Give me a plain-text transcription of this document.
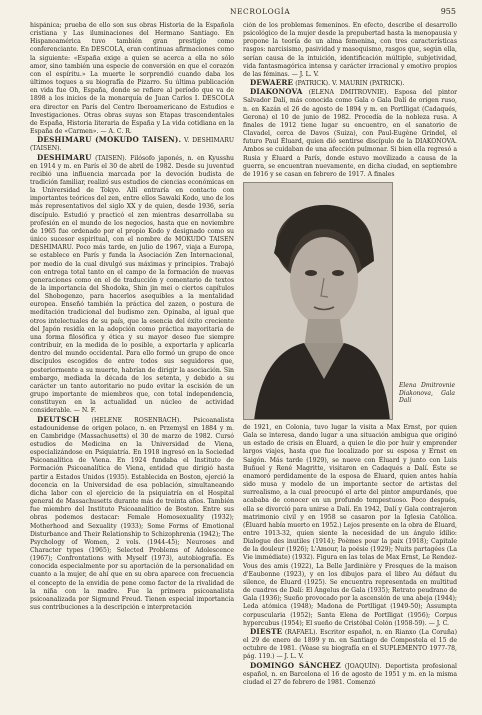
NECROLOGÍA	955

hispánica; prueba de ello son sus obras Historia de la Española cristiana y Las iluminaciones del Hermano Santiago. En Hispanoamérica tuvo también gran prestigio como conferenciante. En DESCOLA, eran continuas afirmaciones como la siguiente: «España exige a quien se acerca a ella no sólo amor, sino también una especie de conversión en que el corazón con el espíritu.» La muerte le sorprendió cuando daba los últimos toques a su biografía de Pizarro. Su última publicación en vida fue Oh, España, donde se refiere al período que va de 1898 a los inicios de la monarquía de Juan Carlos I. DESCOLA era director en París del Centro Iberoamericano de Estudios e Investigaciones. Otras obras suyas son Etapas trascendentales de España, Historia literaria de España y La vida cotidiana en la España de «Carmen». — A. C. R.

DESHIMARU (MOKUDO TAISEN). V. DESHIMARU (TAISEN).

DESHIMARU (TAISEN). Filósofo japonés, n. en Kyusshu en 1914 y m. en París el 30 de abril de 1982. Desde su juventud recibió una influencia marcada por la devoción budista de tradición familiar, realizó sus estudios de ciencias económicas en la Universidad de Tokyo. Allí entraría en contacto con importantes teóricos del zen, entre ellos Sawaki Kodo, uno de los más representativos del siglo XX y de quien, desde 1936, sería discípulo. Estudió y practicó el zen mientras desarrollaba su profesión en el mundo de los negocios, hasta que en noviembre de 1965 fue ordenado por el propio Kodo y designado como su único sucesor espiritual, con el nombre de MOKUDO TAISEN DESHIMARU. Poco más tarde, en julio de 1967, viaja a Europa, se establece en París y funda la Asociación Zen Internacional, por medio de la cual divulgó sus máximas y principios. Trabajó con entrega total tanto en el campo de la formación de nuevas generaciones como en el de traducción y comentario de textos de la importancia del Shodoka, Shin jin mei o ciertos capítulos del Shobogenzo, para hacerlos asequibles a la mentalidad europea. Enseñó también la práctica del zazen, o postura de meditación tradicional del budismo zen. Opinaba, al igual que otros intelectuales de su país, que la esencia del éxito creciente del Japón residía en la adopción como práctica mayoritaria de una forma filosófica y ética y su mayor deseo fue siempre contribuir, en la medida de lo posible, a exportarla y aplicarla dentro del mundo occidental. Para ello formó un grupo de once discípulos escogidos de entre todos sus seguidores que, posteriormente a su muerte, habrían de dirigir la asociación. Sin embargo, mediada la década de los setenta, y debido a su carácter un tanto autoritario no pudo evitar la escisión de un grupo importante de miembros que, con total independencia, constituyen en la actualidad un núcleo de actividad considerable. — N. F.

DEUTSCH (HELENE ROSENBACH). Psicoanalista estadounidense de origen polaco, n. en Przemysl en 1884 y m. en Cambridge (Massachusetts) el 30 de marzo de 1982. Cursó estudios de Medicina en la Universidad de Viena, especializándose en Psiquiatría. En 1918 ingresó en la Sociedad Psicoanalítica de Viena. En 1924 fundaba el Instituto de Formación Psicoanalítica de Viena, entidad que dirigió hasta partir a Estados Unidos (1935). Establecida en Boston, ejerció la docencia en la Universidad de esa población, simultaneando dicha labor con el ejercicio de la psiquiatría en el Hospital general de Massachusetts durante más de treinta años. También fue miembro del Instituto Psicoanalítico de Boston. Entre sus obras podemos destacar: Female Homosexuality (1932); Motherhood and Sexuality (1933); Some Forms of Emotional Disturbance and Their Relationship to Schizophrenia (1942); The Psychology of Women, 2 vols. (1944-45); Neuroses and Character types (1965); Selected Problems of Adolescence (1967); Confrontations with Myself (1973), autobiografía. Es conocida especialmente por su aportación de la personalidad en cuanto a la mujer, de ahí que en su obra aparece con frecuencia el concepto de la envidia de pene como factor de la rivalidad de la niña con la madre. Fue la primera psicoanalista psicoanalizada por Sigmund Freud. Tienen especial importancia sus contribuciones a la descripción e interpretación

ción de los problemas femeninos. En efecto, describe el desarrollo psicológico de la mujer desde la prepubertad hasta la menopausia y propone la teoría de un alma femenina, con tres características rasgos: narcisismo, pasividad y masoquismo, rasgos que, según ella, serían causa de la intuición, identificación múltiple, subjetividad, vida fantasmagórica intensa y carácter irracional y emotivo propios de las féminas. — J. L. V.

DEWAERE (PATRICK). V. MAURIN (PATRICK).

DIAKONOVA (ELENA DMITROVNIE). Esposa del pintor Salvador Dalí, más conocida como Gala o Gala Dalí de origen ruso, n. en Kazán el 26 de agosto de 1894 y m. en Portlligat (Cadaqués, Gerona) el 10 de junio de 1982. Procedía de la nobleza rusa. A finales de 1912 tiene lugar su encuentro, en el sanatorio de Clavadel, cerca de Davos (Suiza), con Paul-Eugène Grindel, el futuro Paul Éluard, quien dió sentirse discípulo de la DIAKONOVA. Ambos se cuidaban de una afección pulmonar. Si bien ella regresó a Rusia y Éluard a París, donde estuvo movilizado a causa de la guerra, se encuentran nuevamente, en dicha ciudad, en septiembre de 1916 y se casan en febrero de 1917. A finales

Elena Dmitrovnie Diakonova, Gala Dalí

de 1921, en Colonia, tuvo lugar la visita a Max Ernst, por quien Gala se interesa, dando lugar a una situación ambigua que originó un estado de crisis en Éluard, a quien le dio por huir y emprender largos viajes, hasta que fue localizado por su esposa y Ernst en Saigón. Más tarde (1929), se nueve con Éluard y junto con Luis Buñuel y René Magritte, visitaron en Cadaqués a Dalí. Éste se enamoró perdidamente de la esposa de Éluard, quien antes había sido musa y modelo de un importante sector de artistas del surrealismo, a la cual preocupó el arte del pintor ampurdanés, que acababa de conocer en un profundo tempestuoso. Poco después, ella se divorció para unirse a Dalí. En 1942, Dalí y Gala contrajeron matrimonio civil y en 1958 se casaron por la Iglesia Católica. (Éluard había muerto en 1952.) Lejos presente en la obra de Éluard, entre 1913-32, quien siente la necesidad de un ángulo ídilio: Dialogue des inutiles (1914); Poèmes pour la paix (1918); Capitale de la douleur (1926); L'Amour, la poésie (1929); Nuits partagées (La Vie immédiate) (1932). Figura en las telas de Max Ernst, Le Rendez-Vous des amis (1922), La Belle Jardinière y Fresques de la maison d'Eaubonne (1923), y en los dibujos para el libro Au défaut du silence, de Éluard (1925). Se encuentra representada en multitud de cuadros de Dalí: El Ángelus de Gala (1935); Retrato peudrano de Gala (1936); Sueño provocado por la ascensión de una abeja (1944); Leda atómica (1948); Madona de Portlligat (1949-50); Assumpta corpuscularia (1952); Santa Elena de Portlligat (1956); Corpus hypercubus (1954); El sueño de Cristóbal Colón (1958-59). — J. C.

DIESTE (RAFAEL). Escritor español, n. en Rianxo (La Coruña) el 29 de enero de 1899 y m. en Santiago de Compostela el 15 de octubre de 1981. (Véase su biografía en el SUPLEMENTO 1977-78, pág. 119.) — J. L. V.

DOMINGO SÁNCHEZ (JOAQUÍN). Deportista profesional español, n. en Barcelona el 16 de agosto de 1951 y m. en la misma ciudad el 27 de febrero de 1981. Comenzó
